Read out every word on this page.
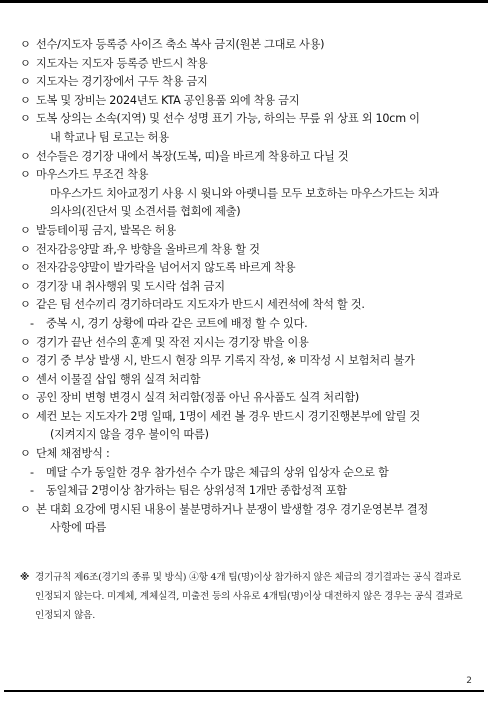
ㅇ 선수/지도자 등록증 사이즈 축소 복사 금지(원본 그대로 사용)
ㅇ 지도자는 지도자 등록증 반드시 착용
ㅇ 지도자는 경기장에서 구두 착용 금지
ㅇ 도복 및 장비는 2024년도 KTA 공인용품 외에 착용 금지
ㅇ 도복 상의는 소속(지역) 및 선수 성명 표기 가능, 하의는 무릎 위 상표 외 10cm 이
내 학교나 팀 로고는 허용
ㅇ 선수들은 경기장 내에서 복장(도복, 띠)을 바르게 착용하고 다닐 것
ㅇ 마우스가드 무조건 착용
마우스가드 치아교정기 사용 시 윗니와 아랫니를 모두 보호하는 마우스가드는 치과
의사의(진단서 및 소견서를 협회에 제출)
ㅇ 발등테이핑 금지, 발목은 허용
ㅇ 전자감응양말 좌,우 방향을 올바르게 착용 할 것
ㅇ 전자감응양말이 발가락을 넘어서지 않도록 바르게 착용
ㅇ 경기장 내 취사행위 및 도시락 섭취 금지
ㅇ 같은 팀 선수끼리 경기하더라도 지도자가 반드시 세컨석에 착석 할 것.
- 중복 시, 경기 상황에 따라 같은 코트에 배정 할 수 있다.
ㅇ 경기가 끝난 선수의 훈계 및 작전 지시는 경기장 밖을 이용
ㅇ 경기 중 부상 발생 시, 반드시 현장 의무 기록지 작성, ※ 미작성 시 보험처리 불가
ㅇ 센서 이물질 삽입 행위 실격 처리함
ㅇ 공인 장비 변형 변경시 실격 처리함(정품 아닌 유사품도 실격 처리함)
ㅇ 세컨 보는 지도자가 2명 일때, 1명이 세컨 볼 경우 반드시 경기진행본부에 알릴 것
(지켜지지 않을 경우 불이익 따름)
ㅇ 단체 채점방식 :
- 메달 수가 동일한 경우 참가선수 수가 많은 체급의 상위 입상자 순으로 함
- 동일체급 2명이상 참가하는 팀은 상위성적 1개만 종합성적 포함
ㅇ 본 대회 요강에 명시된 내용이 불분명하거나 분쟁이 발생할 경우 경기운영본부 결정
사항에 따름
※ 경기규칙 제6조(경기의 종류 및 방식) ④항 4개 팀(명)이상 참가하지 않은 체급의 경기결과는 공식 결과로 인정되지 않는다. 미계체, 계체실격, 미출전 등의 사유로 4개팀(명)이상 대전하지 않은 경우는 공식 결과로 인정되지 않음.
2
